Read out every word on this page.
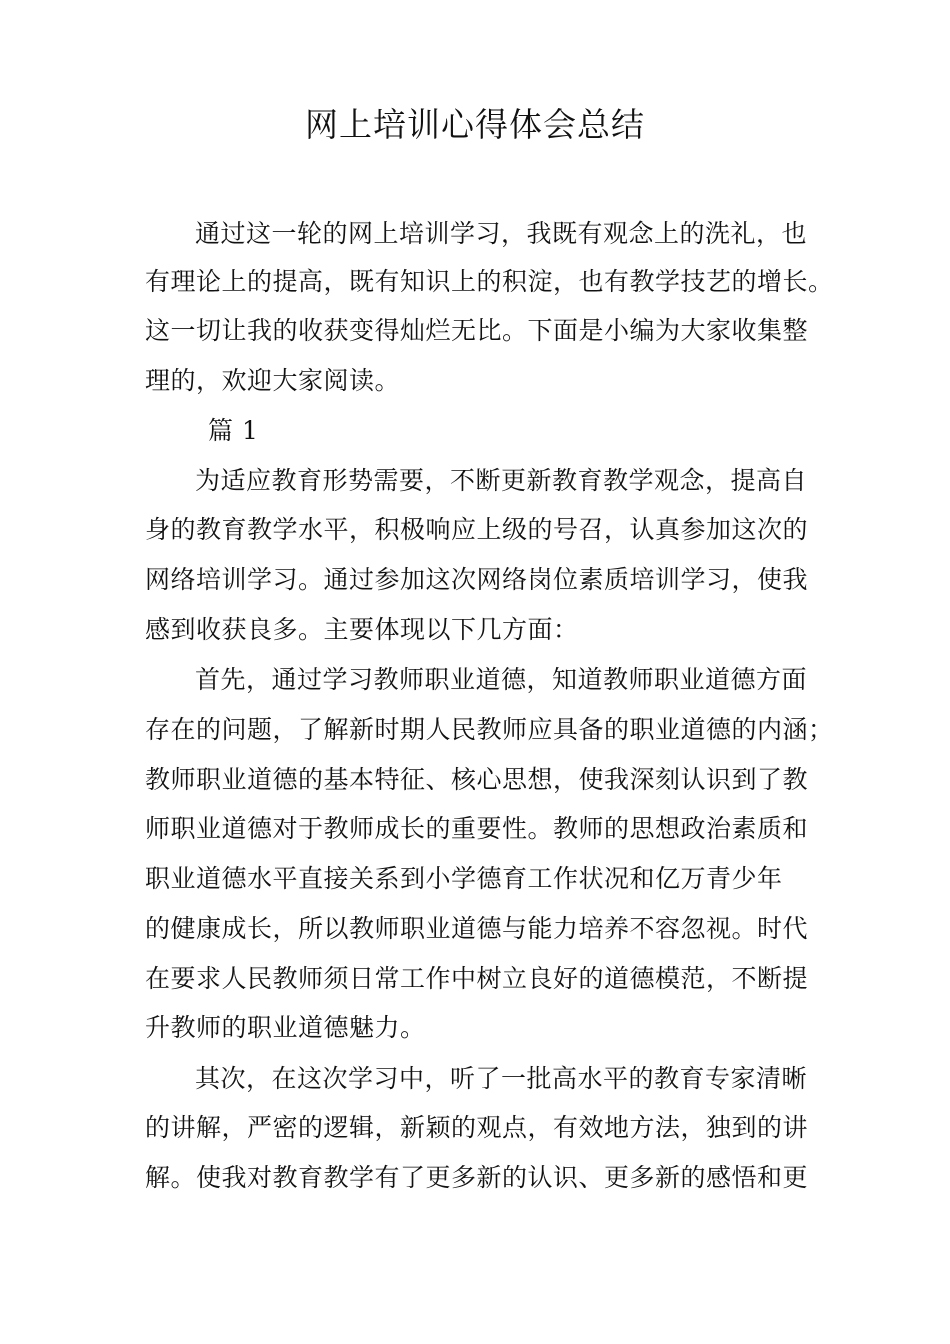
网上培训心得体会总结

通过这一轮的网上培训学习，我既有观念上的洗礼，也

有理论上的提高，既有知识上的积淀，也有教学技艺的增长。

这一切让我的收获变得灿烂无比。下面是小编为大家收集整

理的，欢迎大家阅读。

篇 1

为适应教育形势需要，不断更新教育教学观念，提高自

身的教育教学水平，积极响应上级的号召，认真参加这次的

网络培训学习。通过参加这次网络岗位素质培训学习，使我

感到收获良多。主要体现以下几方面：

首先，通过学习教师职业道德，知道教师职业道德方面

存在的问题，了解新时期人民教师应具备的职业道德的内涵；

教师职业道德的基本特征、核心思想，使我深刻认识到了教

师职业道德对于教师成长的重要性。教师的思想政治素质和

职业道德水平直接关系到小学德育工作状况和亿万青少年

的健康成长，所以教师职业道德与能力培养不容忽视。时代

在要求人民教师须日常工作中树立良好的道德模范，不断提

升教师的职业道德魅力。

其次，在这次学习中，听了一批高水平的教育专家清晰

的讲解，严密的逻辑，新颖的观点，有效地方法，独到的讲

解。使我对教育教学有了更多新的认识、更多新的感悟和更
